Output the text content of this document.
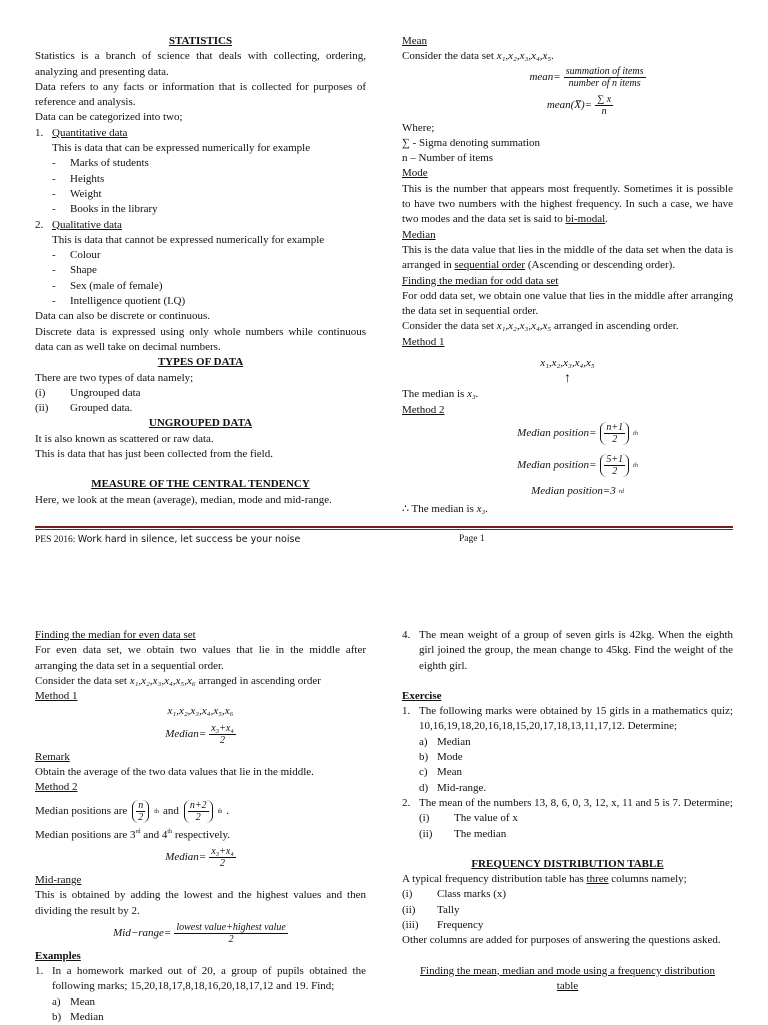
STATISTICS

Statistics is a branch of science that deals with collecting, ordering, analyzing and presenting data.

Data refers to any facts or information that is collected for purposes of reference and analysis.

Data can be categorized into two;

1. Quantitative data

This is data that can be expressed numerically for example

-	Marks of students
-	Heights
-	Weight
-	Books in the library
2. Qualitative data

This is data that cannot be expressed numerically for example

-	Colour
-	Shape
-	Sex (male of female)
-	Intelligence quotient (I.Q)

Data can also be discrete or continuous.

Discrete data is expressed using only whole numbers while continuous data can as well take on decimal numbers.

TYPES OF DATA

There are two types of data namely;

(i)	Ungrouped data
(ii)	Grouped data.

UNGROUPED DATA

It is also known as scattered or raw data.

This is data that has just been collected from the field.

MEASURE OF THE CENTRAL TENDENCY

Here, we look at the mean (average), median, mode and mid-range.

Mean

Consider the data set x₁,x₂,x₃,x₄,x₅.

mean= $\frac{\text{summation of items}}{\text{number of n items}}$
mean(X̅)= $\frac{\sum x}{n}$

Where;

∑ - Sigma denoting summation

n – Number of items

Mode

This is the number that appears most frequently. Sometimes it is possible to have two numbers with the highest frequency. In such a case, we have two modes and the data set is said to bi-modal.

Median

This is the data value that lies in the middle of the data set when the data is arranged in sequential order (Ascending or descending order).

Finding the median for odd data set

For odd data set, we obtain one value that lies in the middle after arranging the data set in sequential order.

Consider the data set x₁,x₂,x₃,x₄,x₅ arranged in ascending order.

Method 1

x₁,x₂,x₃,x₄,x₅

↑

The median is x₃.

Method 2

Median position= $\frac{n+1}{2}$ th
Median position= $\frac{5+1}{2}$ th
Median position=3 rd

∴ The median is x₃.

PES 2016: Work hard in silence, let success be your noise	Page 1

Finding the median for even data set

For even data set, we obtain two values that lie in the middle after arranging the data set in a sequential order.

Consider the data set x₁,x₂,x₃,x₄,x₅,x₆ arranged in ascending order

Method 1

x₁,x₂,x₃,x₄,x₅,x₆

Median= $\frac{\text{x₃+x₄}}{2}$

Remark

Obtain the average of the two data values that lie in the middle.

Method 2

Median positions are $\frac{n}{2}$ th and $\frac{n+2}{2}$ th .

Median positions are 3rd and 4th respectively.

Median= $\frac{\text{x₃+x₄}}{2}$

Mid-range

This is obtained by adding the lowest and the highest values and then dividing the result by 2.

Mid−range= $\frac{\text{lowest value+highest value}}{2}$

Examples

1. In a homework marked out of 20, a group of pupils obtained the following marks; 15,20,18,17,8,18,16,20,18,17,12 and 19. Find;
a) Mean
b) Median
4. The mean weight of a group of seven girls is 42kg. When the eighth girl joined the group, the mean change to 45kg. Find the weight of the eighth girl.

Exercise

1. The following marks were obtained by 15 girls in a mathematics quiz; 10,16,19,18,20,16,18,15,20,17,18,13,11,17,12. Determine;
a) Median
b) Mode
c) Mean
d) Mid-range.
2. The mean of the numbers 13, 8, 6, 0, 3, 12, x, 11 and 5 is 7. Determine;
(i)	The value of x
(ii)	The median

FREQUENCY DISTRIBUTION TABLE

A typical frequency distribution table has three columns namely;

(i)	Class marks (x)
(ii)	Tally
(iii)	Frequency

Other columns are added for purposes of answering the questions asked.

Finding the mean, median and mode using a frequency distribution

table
